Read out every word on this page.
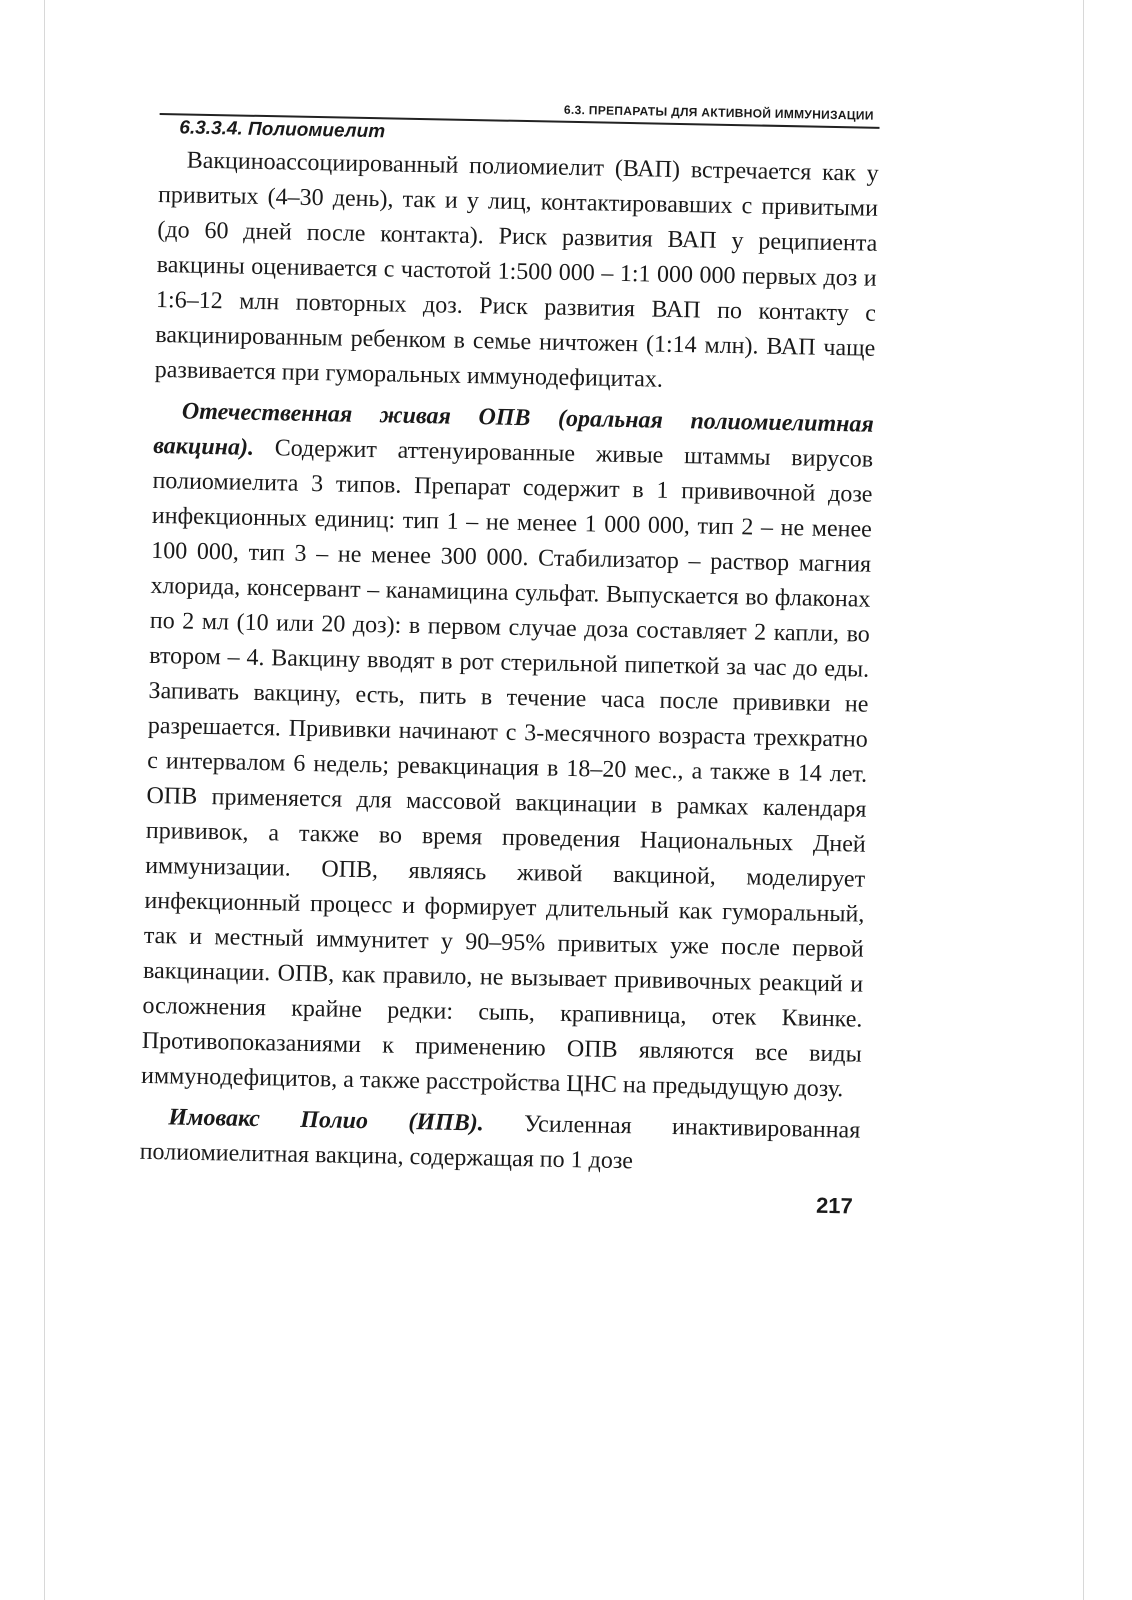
6.3. ПРЕПАРАТЫ ДЛЯ АКТИВНОЙ ИММУНИЗАЦИИ
6.3.3.4. Полиомиелит

Вакциноассоциированный полиомиелит (ВАП) встречается как у привитых (4–30 день), так и у лиц, контактировавших с привитыми (до 60 дней после контакта). Риск развития ВАП у реципиента вакцины оценивается с частотой 1:500 000 – 1:1 000 000 первых доз и 1:6–12 млн повторных доз. Риск развития ВАП по контакту с вакцинированным ребенком в семье ничтожен (1:14 млн). ВАП чаще развивается при гуморальных иммунодефицитах.

Отечественная живая ОПВ (оральная полиомиелитная вакцина). Содержит аттенуированные живые штаммы вирусов полиомиелита 3 типов. Препарат содержит в 1 прививочной дозе инфекционных единиц: тип 1 – не менее 1 000 000, тип 2 – не менее 100 000, тип 3 – не менее 300 000. Стабилизатор – раствор магния хлорида, консервант – канамицина сульфат. Выпускается во флаконах по 2 мл (10 или 20 доз): в первом случае доза составляет 2 капли, во втором – 4. Вакцину вводят в рот стерильной пипеткой за час до еды. Запивать вакцину, есть, пить в течение часа после прививки не разрешается. Прививки начинают с 3-месячного возраста трехкратно с интервалом 6 недель; ревакцинация в 18–20 мес., а также в 14 лет. ОПВ применяется для массовой вакцинации в рамках календаря прививок, а также во время проведения Национальных Дней иммунизации. ОПВ, являясь живой вакциной, моделирует инфекционный процесс и формирует длительный как гуморальный, так и местный иммунитет у 90–95% привитых уже после первой вакцинации. ОПВ, как правило, не вызывает прививочных реакций и осложнения крайне редки: сыпь, крапивница, отек Квинке. Противопоказаниями к применению ОПВ являются все виды иммунодефицитов, а также расстройства ЦНС на предыдущую дозу.

Имовакс Полио (ИПВ). Усиленная инактивированная полиомиелитная вакцина, содержащая по 1 дозе

217
